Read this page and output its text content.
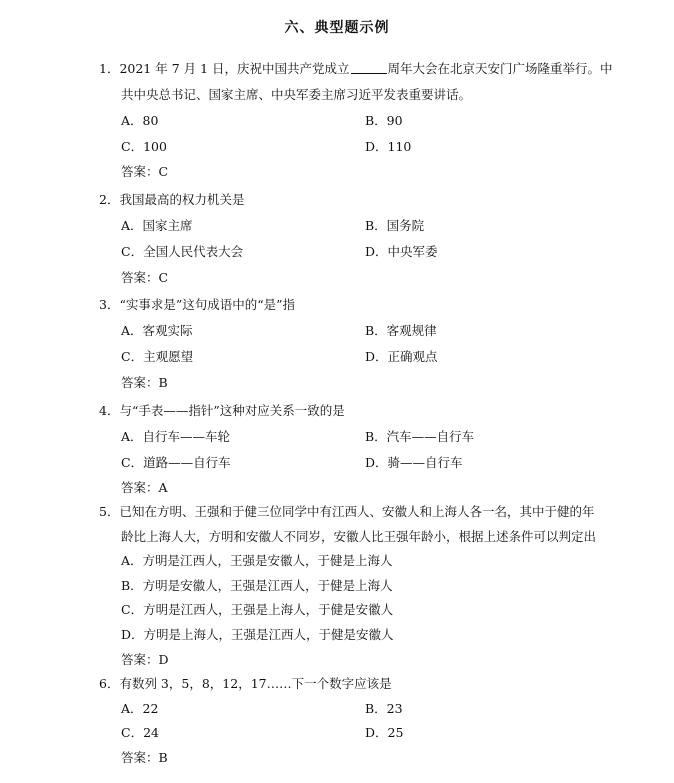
六、典型题示例
1．2021 年 7 月 1 日，庆祝中国共产党成立	周年大会在北京天安门广场隆重举行。中
共中央总书记、国家主席、中央军委主席习近平发表重要讲话。
A．80	B．90
C．100	D．110
答案：C
2．我国最高的权力机关是
A．国家主席	B．国务院
C．全国人民代表大会	D．中央军委
答案：C
3．“实事求是”这句成语中的“是”指
A．客观实际	B．客观规律
C．主观愿望	D．正确观点
答案：B
4．与“手表——指针”这种对应关系一致的是
A．自行车——车轮	B．汽车——自行车
C．道路——自行车	D．骑——自行车
答案：A
5．已知在方明、王强和于健三位同学中有江西人、安徽人和上海人各一名，其中于健的年
龄比上海人大，方明和安徽人不同岁，安徽人比王强年龄小，根据上述条件可以判定出
A．方明是江西人，王强是安徽人，于健是上海人
B．方明是安徽人，王强是江西人，于健是上海人
C．方明是江西人，王强是上海人，于健是安徽人
D．方明是上海人，王强是江西人，于健是安徽人
答案：D
6．有数列 3，5，8，12，17……下一个数字应该是
A．22	B．23
C．24	D．25
答案：B
